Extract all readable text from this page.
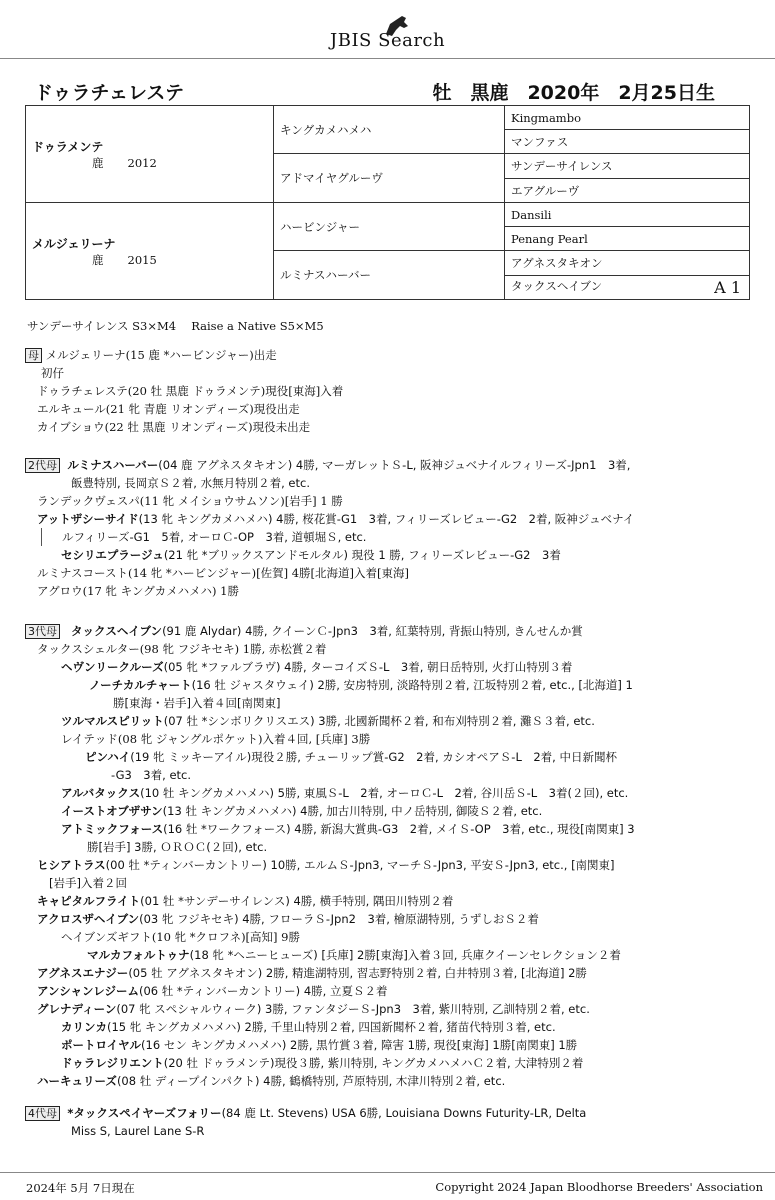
JBIS Search
ドゥラチェレステ	牡　黒鹿　2020年　2月25日生
ドゥラメンテ
鹿 2012	キングカメハメハ	Kingmambo
		マンファス
	アドマイヤグルーヴ	サンデーサイレンス
		エアグルーヴ

メルジェリーナ
鹿 2015	ハービンジャー	Dansili
		Penang Pearl
	ルミナスハーバー	アグネスタキオン
		タックスヘイブン A 1
サンデーサイレンス S3×M4　 Raise a Native S5×M5
母 メルジェリーナ(15 鹿 *ハービンジャー)出走
初仔
ドゥラチェレステ(20 牡 黒鹿 ドゥラメンテ)現役[東海]入着
エルキュール(21 牝 青鹿 リオンディーズ)現役出走
カイブショウ(22 牡 黒鹿 リオンディーズ)現役未出走
2代母 ルミナスハーバー(04 鹿 アグネスタキオン) 4勝, マーガレットＳ-L, 阪神ジュベナイルフィリーズ-Jpn1　3着,
飯豊特別, 長岡京Ｓ２着, 水無月特別２着, etc.
ランデックヴェスパ(11 牝 メイショウサムソン)[岩手] 1 勝
アットザシーサイド(13 牝 キングカメハメハ) 4勝, 桜花賞-G1　3着, フィリーズレビュー-G2　2着, 阪神ジュベナイ
ルフィリーズ-G1　5着, オーロＣ-OP　3着, 道頓堀Ｓ, etc.
セシリエプラージュ(21 牝 *ブリックスアンドモルタル) 現役 1 勝, フィリーズレビュー-G2　3着
ルミナスコースト(14 牝 *ハービンジャー)[佐賀] 4勝[北海道]入着[東海]
アグロウ(17 牝 キングカメハメハ) 1勝
3代母 タックスヘイブン(91 鹿 Alydar) 4勝, クイーンＣ-Jpn3　3着, 紅葉特別, 背振山特別, きんせんか賞
タックスシェルター(98 牝 フジキセキ) 1勝, 赤松賞２着
ヘヴンリークルーズ(05 牝 *ファルブラヴ) 4勝, ターコイズＳ-L　3着, 朝日岳特別, 火打山特別３着
ノーチカルチャート(16 牡 ジャスタウェイ) 2勝, 安房特別, 淡路特別２着, 江坂特別２着, etc., [北海道] 1
勝[東海・岩手]入着４回[南関東]
ツルマルスピリット(07 牡 *シンボリクリスエス) 3勝, 北國新聞杯２着, 和布刈特別２着, 灘Ｓ３着, etc.
レイテッド(08 牝 ジャングルポケット)入着４回, [兵庫] 3勝
ピンハイ(19 牝 ミッキーアイル)現役２勝, チューリップ賞-G2　2着, カシオペアＳ-L　2着, 中日新聞杯
-G3　3着, etc.
アルバタックス(10 牡 キングカメハメハ) 5勝, 東風Ｓ-L　2着, オーロＣ-L　2着, 谷川岳Ｓ-L　3着(２回), etc.
イーストオブザサン(13 牡 キングカメハメハ) 4勝, 加古川特別, 中ノ岳特別, 御陵Ｓ２着, etc.
アトミックフォース(16 牡 *ワークフォース) 4勝, 新潟大賞典-G3　2着, メイＳ-OP　3着, etc., 現役[南関東] 3
勝[岩手] 3勝, ＯＲＯＣ(２回), etc.
ヒシアトラス(00 牡 *ティンバーカントリー) 10勝, エルムＳ-Jpn3, マーチＳ-Jpn3, 平安Ｓ-Jpn3, etc., [南関東]
[岩手]入着２回
キャピタルフライト(01 牡 *サンデーサイレンス) 4勝, 横手特別, 隅田川特別２着
アクロスザヘイブン(03 牝 フジキセキ) 4勝, フローラＳ-Jpn2　3着, 檜原湖特別, うずしおＳ２着
ヘイブンズギフト(10 牝 *クロフネ)[高知] 9勝
マルカフォルトゥナ(18 牝 *ヘニーヒューズ) [兵庫] 2勝[東海]入着３回, 兵庫クイーンセレクション２着
アグネスエナジー(05 牡 アグネスタキオン) 2勝, 精進湖特別, 習志野特別２着, 白井特別３着, [北海道] 2勝
アンシャンレジーム(06 牡 *ティンバーカントリー) 4勝, 立夏Ｓ２着
グレナディーン(07 牝 スペシャルウィーク) 3勝, ファンタジーＳ-Jpn3　3着, 紫川特別, 乙訓特別２着, etc.
カリンカ(15 牝 キングカメハメハ) 2勝, 千里山特別２着, 四国新聞杯２着, 猪苗代特別３着, etc.
ポートロイヤル(16 セン キングカメハメハ) 2勝, 黒竹賞３着, 障害 1勝, 現役[東海] 1勝[南関東] 1勝
ドゥラレジリエント(20 牡 ドゥラメンテ)現役３勝, 紫川特別, キングカメハメハＣ２着, 大津特別２着
ハーキュリーズ(08 牡 ディープインパクト) 4勝, 鶴橋特別, 芦原特別, 木津川特別２着, etc.
4代母 *タックスペイヤーズフォリー(84 鹿 Lt. Stevens) USA 6勝, Louisiana Downs Futurity-LR, Delta
Miss S, Laurel Lane S-R
2024年 5月 7日現在	Copyright 2024 Japan Bloodhorse Breeders' Association
